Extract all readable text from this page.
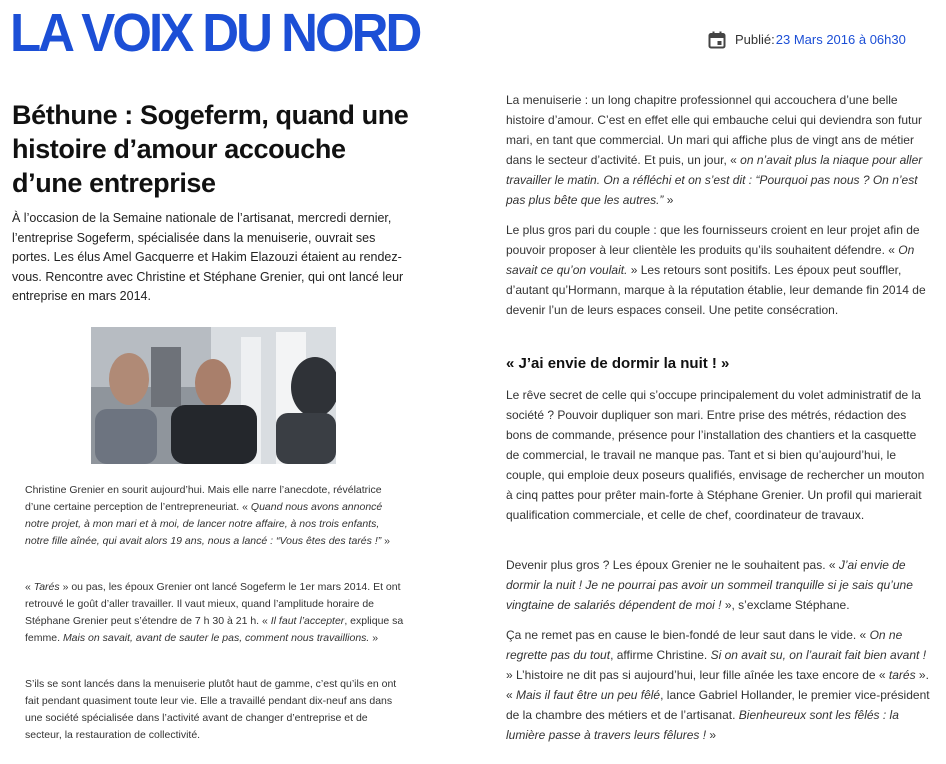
LA VOIX DU NORD	Publié: 23 Mars 2016 à 06h30
Béthune : Sogeferm, quand une histoire d’amour accouche d’une entreprise

À l’occasion de la Semaine nationale de l’artisanat, mercredi dernier, l’entreprise Sogeferm, spécialisée dans la menuiserie, ouvrait ses portes. Les élus Amel Gacquerre et Hakim Elazouzi étaient au rendez-vous. Rencontre avec Christine et Stéphane Grenier, qui ont lancé leur entreprise en mars 2014.

Christine Grenier en sourit aujourd’hui. Mais elle narre l’anecdote, révélatrice d’une certaine perception de l’entrepreneuriat. « Quand nous avons annoncé notre projet, à mon mari et à moi, de lancer notre affaire, à nos trois enfants, notre fille aînée, qui avait alors 19 ans, nous a lancé : “Vous êtes des tarés !” »

« Tarés » ou pas, les époux Grenier ont lancé Sogeferm le 1er mars 2014. Et ont retrouvé le goût d’aller travailler. Il vaut mieux, quand l’amplitude horaire de Stéphane Grenier peut s’étendre de 7 h 30 à 21 h. « Il faut l’accepter, explique sa femme. Mais on savait, avant de sauter le pas, comment nous travaillions. »

S’ils se sont lancés dans la menuiserie plutôt haut de gamme, c’est qu’ils en ont fait pendant quasiment toute leur vie. Elle a travaillé pendant dix-neuf ans dans une société spécialisée dans l’activité avant de changer d’entreprise et de secteur, la restauration de collectivité.

La menuiserie : un long chapitre professionnel qui accouchera d’une belle histoire d’amour. C’est en effet elle qui embauche celui qui deviendra son futur mari, en tant que commercial. Un mari qui affiche plus de vingt ans de métier dans le secteur d’activité. Et puis, un jour, « on n’avait plus la niaque pour aller travailler le matin. On a réfléchi et on s’est dit : “Pourquoi pas nous ? On n’est pas plus bête que les autres.” »

Le plus gros pari du couple : que les fournisseurs croient en leur projet afin de pouvoir proposer à leur clientèle les produits qu’ils souhaitent défendre. « On savait ce qu’on voulait. » Les retours sont positifs. Les époux peut souffler, d’autant qu’Hormann, marque à la réputation établie, leur demande fin 2014 de devenir l’un de leurs espaces conseil. Une petite consécration.

« J’ai envie de dormir la nuit ! »

Le rêve secret de celle qui s’occupe principalement du volet administratif de la société ? Pouvoir dupliquer son mari. Entre prise des métrés, rédaction des bons de commande, présence pour l’installation des chantiers et la casquette de commercial, le travail ne manque pas. Tant et si bien qu’aujourd’hui, le couple, qui emploie deux poseurs qualifiés, envisage de rechercher un mouton à cinq pattes pour prêter main-forte à Stéphane Grenier. Un profil qui marierait qualification commerciale, et celle de chef, coordinateur de travaux.

Devenir plus gros ? Les époux Grenier ne le souhaitent pas. « J’ai envie de dormir la nuit ! Je ne pourrai pas avoir un sommeil tranquille si je sais qu’une vingtaine de salariés dépendent de moi ! », s’exclame Stéphane.

Ça ne remet pas en cause le bien-fondé de leur saut dans le vide. « On ne regrette pas du tout, affirme Christine. Si on avait su, on l’aurait fait bien avant ! » L’histoire ne dit pas si aujourd’hui, leur fille aînée les taxe encore de « tarés ». « Mais il faut être un peu fêlé, lance Gabriel Hollander, le premier vice-président de la chambre des métiers et de l’artisanat. Bienheureux sont les fêlés : la lumière passe à travers leurs fêlures ! »
